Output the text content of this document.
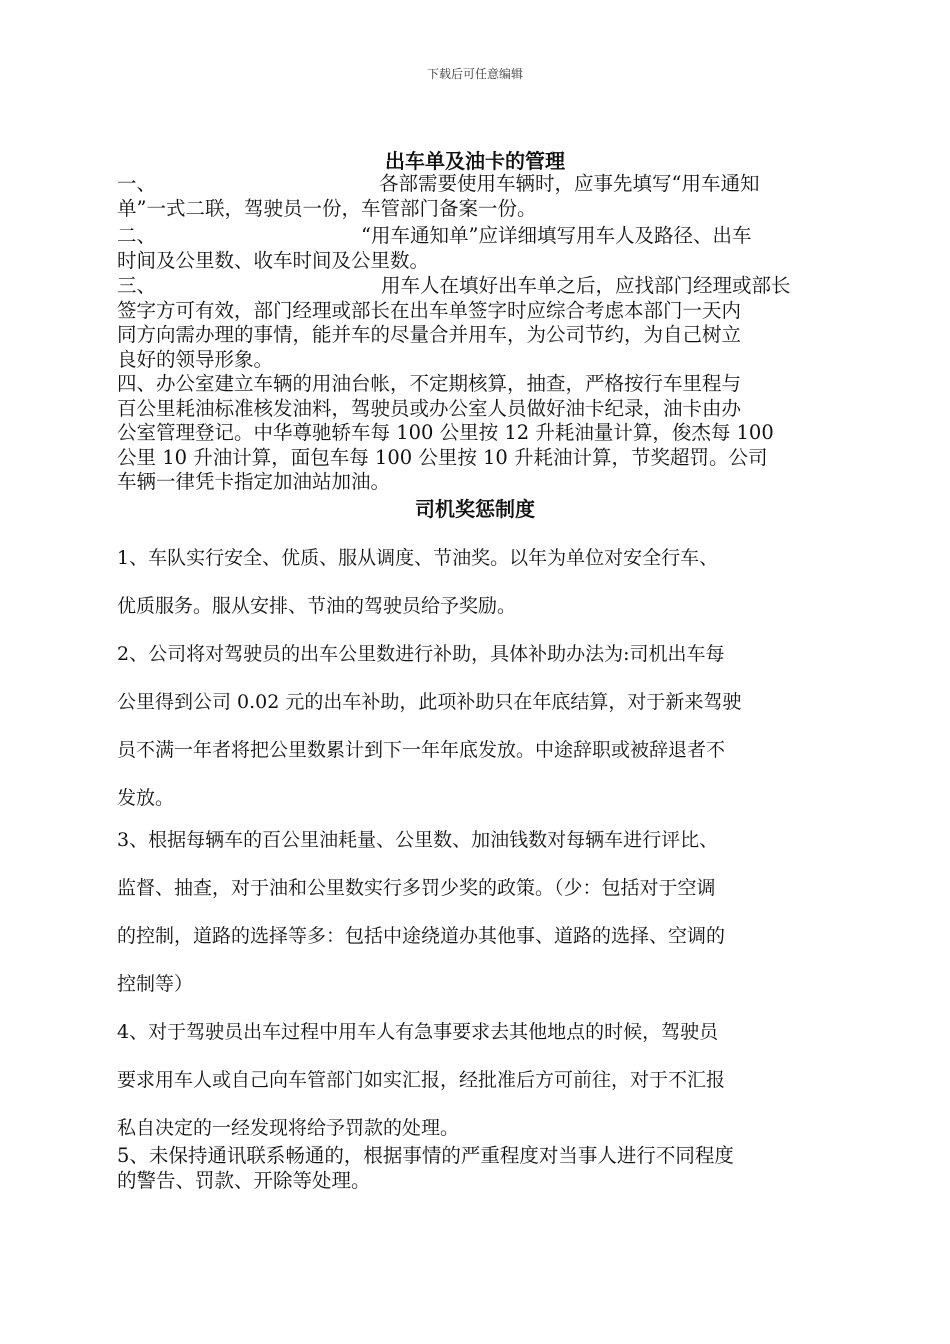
下载后可任意编辑
出车单及油卡的管理
一、	各部需要使用车辆时，应事先填写“用车通知
单”一式二联，驾驶员一份，车管部门备案一份。
二、	“用车通知单”应详细填写用车人及路径、出车
时间及公里数、收车时间及公里数。
三、	用车人在填好出车单之后，应找部门经理或部长
签字方可有效，部门经理或部长在出车单签字时应综合考虑本部门一天内
同方向需办理的事情，能并车的尽量合并用车，为公司节约，为自己树立
良好的领导形象。
四、办公室建立车辆的用油台帐，不定期核算，抽查，严格按行车里程与
百公里耗油标准核发油料，驾驶员或办公室人员做好油卡纪录，油卡由办
公室管理登记。中华尊驰轿车每 100 公里按 12 升耗油量计算，俊杰每 100
公里 10 升油计算，面包车每 100 公里按 10 升耗油计算，节奖超罚。公司
车辆一律凭卡指定加油站加油。
司机奖惩制度
1、车队实行安全、优质、服从调度、节油奖。以年为单位对安全行车、
优质服务。服从安排、节油的驾驶员给予奖励。
2、公司将对驾驶员的出车公里数进行补助，具体补助办法为:司机出车每
公里得到公司 0.02 元的出车补助，此项补助只在年底结算，对于新来驾驶
员不满一年者将把公里数累计到下一年年底发放。中途辞职或被辞退者不
发放。
3、根据每辆车的百公里油耗量、公里数、加油钱数对每辆车进行评比、
监督、抽查，对于油和公里数实行多罚少奖的政策。（少：包括对于空调
的控制，道路的选择等多：包括中途绕道办其他事、道路的选择、空调的
控制等）
4、对于驾驶员出车过程中用车人有急事要求去其他地点的时候，驾驶员
要求用车人或自己向车管部门如实汇报，经批准后方可前往，对于不汇报
私自决定的一经发现将给予罚款的处理。
5、未保持通讯联系畅通的，根据事情的严重程度对当事人进行不同程度
的警告、罚款、开除等处理。
